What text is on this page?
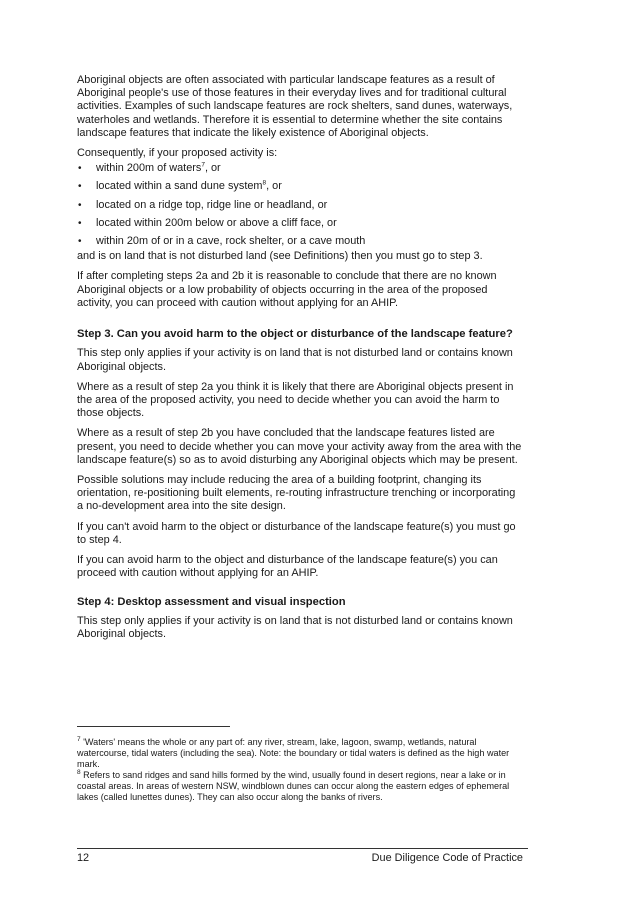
Aboriginal objects are often associated with particular landscape features as a result of Aboriginal people's use of those features in their everyday lives and for traditional cultural activities. Examples of such landscape features are rock shelters, sand dunes, waterways, waterholes and wetlands. Therefore it is essential to determine whether the site contains landscape features that indicate the likely existence of Aboriginal objects.

Consequently, if your proposed activity is:

• within 200m of waters$^7$, or
• located within a sand dune system$^8$, or
• located on a ridge top, ridge line or headland, or
• located within 200m below or above a cliff face, or
• within 20m of or in a cave, rock shelter, or a cave mouth

and is on land that is not disturbed land (see Definitions) then you must go to step 3.

If after completing steps 2a and 2b it is reasonable to conclude that there are no known Aboriginal objects or a low probability of objects occurring in the area of the proposed activity, you can proceed with caution without applying for an AHIP.

Step 3. Can you avoid harm to the object or disturbance of the landscape feature?

This step only applies if your activity is on land that is not disturbed land or contains known Aboriginal objects.

Where as a result of step 2a you think it is likely that there are Aboriginal objects present in the area of the proposed activity, you need to decide whether you can avoid the harm to those objects.

Where as a result of step 2b you have concluded that the landscape features listed are present, you need to decide whether you can move your activity away from the area with the landscape feature(s) so as to avoid disturbing any Aboriginal objects which may be present.

Possible solutions may include reducing the area of a building footprint, changing its orientation, re-positioning built elements, re-routing infrastructure trenching or incorporating a no-development area into the site design.

If you can't avoid harm to the object or disturbance of the landscape feature(s) you must go to step 4.

If you can avoid harm to the object and disturbance of the landscape feature(s) you can proceed with caution without applying for an AHIP.

Step 4: Desktop assessment and visual inspection

This step only applies if your activity is on land that is not disturbed land or contains known Aboriginal objects.

$^7$ 'Waters' means the whole or any part of: any river, stream, lake, lagoon, swamp, wetlands, natural watercourse, tidal waters (including the sea). Note: the boundary or tidal waters is defined as the high water mark.

$^8$ Refers to sand ridges and sand hills formed by the wind, usually found in desert regions, near a lake or in coastal areas. In areas of western NSW, windblown dunes can occur along the eastern edges of ephemeral lakes (called lunettes dunes). They can also occur along the banks of rivers.

12	Due Diligence Code of Practice
